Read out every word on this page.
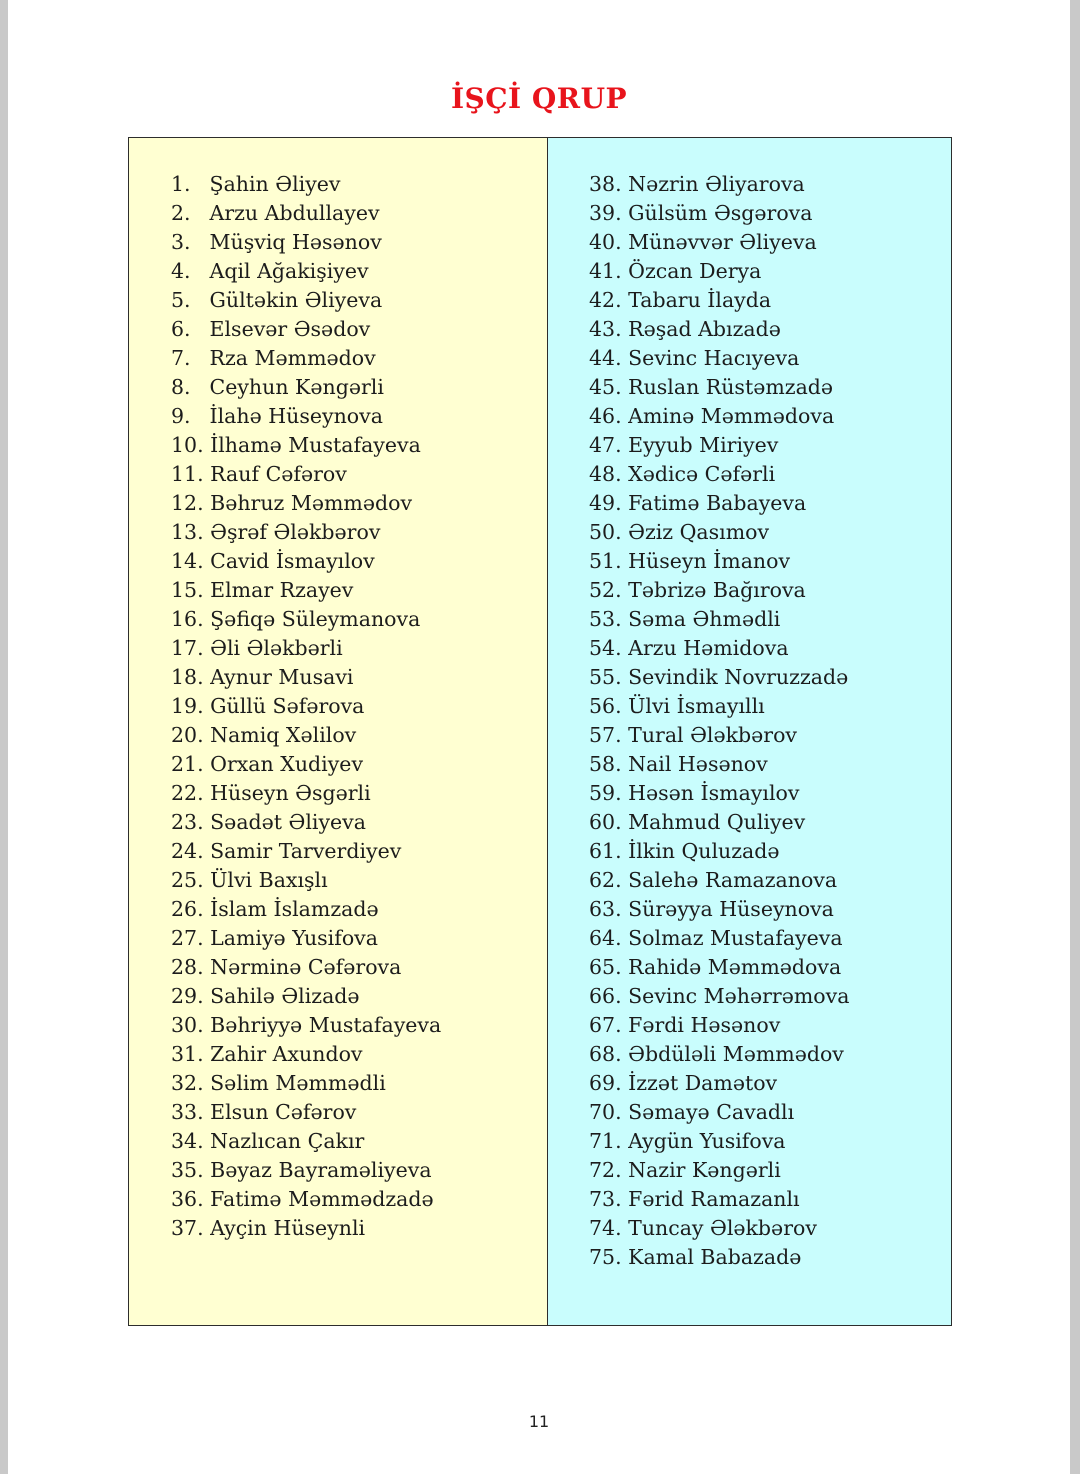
İŞÇİ QRUP
1. Şahin Əliyev
2. Arzu Abdullayev
3. Müşviq Həsənov
4. Aqil Ağakişiyev
5. Gültəkin Əliyeva
6. Elsevər Əsədov
7. Rza Məmmədov
8. Ceyhun Kəngərli
9. İlahə Hüseynova
10. İlhamə Mustafayeva
11. Rauf Cəfərov
12. Bəhruz Məmmədov
13. Əşrəf Ələkbərov
14. Cavid İsmayılov
15. Elmar Rzayev
16. Şəfiqə Süleymanova
17. Əli Ələkbərli
18. Aynur Musavi
19. Güllü Səfərova
20. Namiq Xəlilov
21. Orxan Xudiyev
22. Hüseyn Əsgərli
23. Səadət Əliyeva
24. Samir Tarverdiyev
25. Ülvi Baxışlı
26. İslam İslamzadə
27. Lamiyə Yusifova
28. Nərminə Cəfərova
29. Sahilə Əlizadə
30. Bəhriyyə Mustafayeva
31. Zahir Axundov
32. Səlim Məmmədli
33. Elsun Cəfərov
34. Nazlıcan Çakır
35. Bəyaz Bayraməliyeva
36. Fatimə Məmmədzadə
37. Ayçin Hüseynli
38. Nəzrin Əliyarova
39. Gülsüm Əsgərova
40. Münəvvər Əliyeva
41. Özcan Derya
42. Tabaru İlayda
43. Rəşad Abızadə
44. Sevinc Hacıyeva
45. Ruslan Rüstəmzadə
46. Aminə Məmmədova
47. Eyyub Miriyev
48. Xədicə Cəfərli
49. Fatimə Babayeva
50. Əziz Qasımov
51. Hüseyn İmanov
52. Təbrizə Bağırova
53. Səma Əhmədli
54. Arzu Həmidova
55. Sevindik Novruzzadə
56. Ülvi İsmayıllı
57. Tural Ələkbərov
58. Nail Həsənov
59. Həsən İsmayılov
60. Mahmud Quliyev
61. İlkin Quluzadə
62. Salehə Ramazanova
63. Sürəyya Hüseynova
64. Solmaz Mustafayeva
65. Rahidə Məmmədova
66. Sevinc Məhərrəmova
67. Fərdi Həsənov
68. Əbdüləli Məmmədov
69. İzzət Damətov
70. Səmayə Cavadlı
71. Aygün Yusifova
72. Nazir Kəngərli
73. Fərid Ramazanlı
74. Tuncay Ələkbərov
75. Kamal Babazadə
11
